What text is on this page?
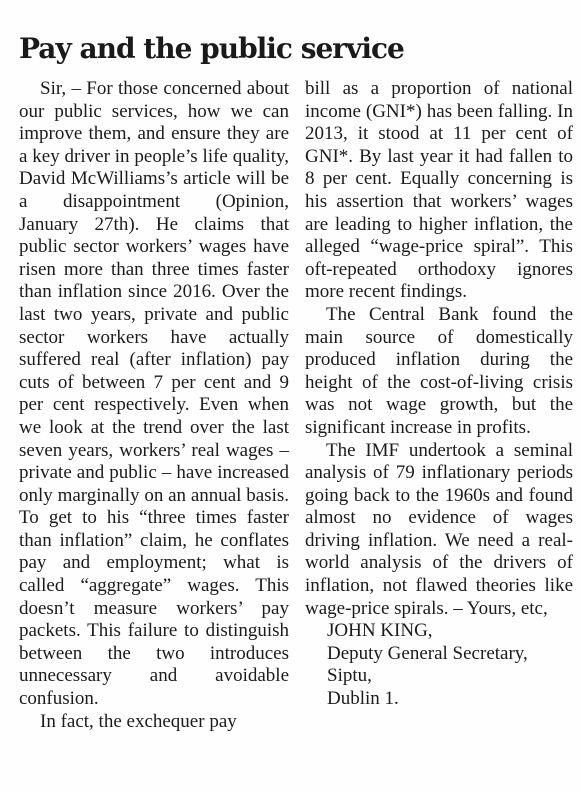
Pay and the public service

Sir, – For those concerned about our public services, how we can improve them, and ensure they are a key driver in people’s life quality, David McWilliams’s article will be a disappointment (Opinion, January 27th). He claims that public sector workers’ wages have risen more than three times faster than inflation since 2016. Over the last two years, private and public sector workers have actually suffered real (after inflation) pay cuts of between 7 per cent and 9 per cent respectively. Even when we look at the trend over the last seven years, workers’ real wages – private and public – have increased only marginally on an annual basis. To get to his “three times faster than inflation” claim, he conflates pay and employment; what is called “aggregate” wages. This doesn’t measure workers’ pay packets. This failure to distinguish between the two introduces unnecessary and avoidable confusion.

In fact, the exchequer pay

bill as a proportion of national income (GNI*) has been falling. In 2013, it stood at 11 per cent of GNI*. By last year it had fallen to 8 per cent. Equally concerning is his assertion that workers’ wages are leading to higher inflation, the alleged “wage-price spiral”. This oft-repeated orthodoxy ignores more recent findings.

The Central Bank found the main source of domestically produced inflation during the height of the cost-of-living crisis was not wage growth, but the significant increase in profits.

The IMF undertook a seminal analysis of 79 inflationary periods going back to the 1960s and found almost no evidence of wages driving inflation. We need a real-world analysis of the drivers of inflation, not flawed theories like wage-price spirals. – Yours, etc,

JOHN KING,
Deputy General Secretary,
Siptu,
Dublin 1.
